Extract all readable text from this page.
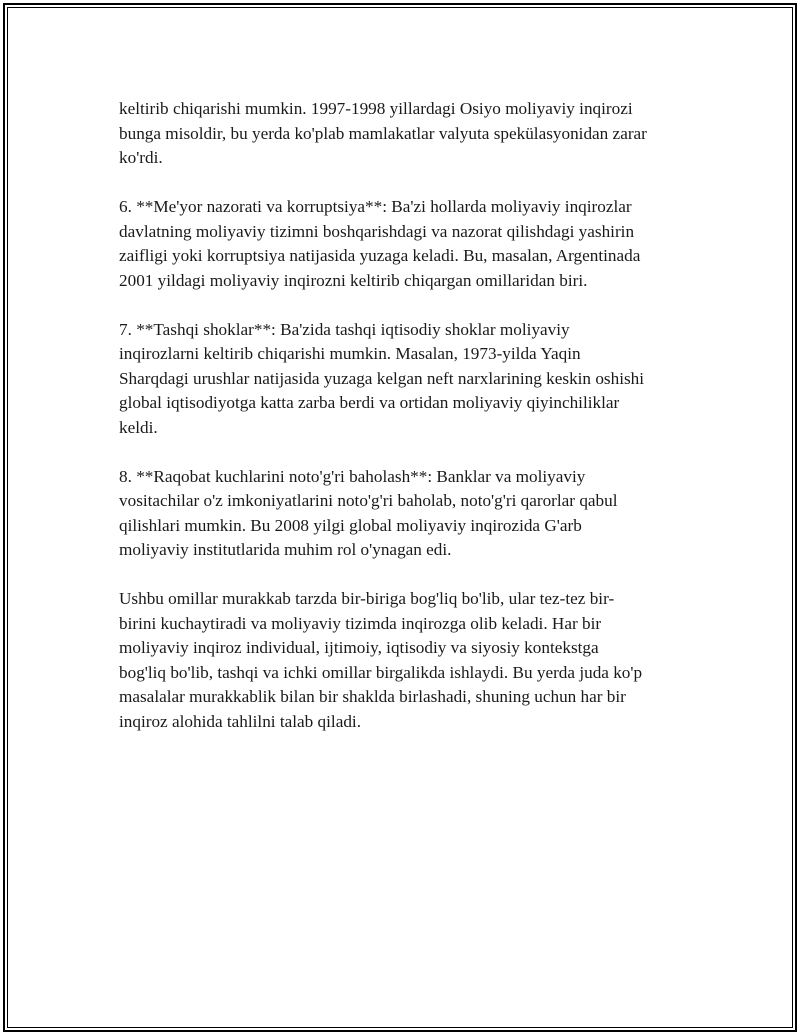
keltirib chiqarishi mumkin. 1997-1998 yillardagi Osiyo moliyaviy inqirozi
bunga misoldir, bu yerda ko'plab mamlakatlar valyuta spekülasyonidan zarar
ko'rdi.

6. **Me'yor nazorati va korruptsiya**: Ba'zi hollarda moliyaviy inqirozlar
davlatning moliyaviy tizimni boshqarishdagi va nazorat qilishdagi yashirin
zaifligi yoki korruptsiya natijasida yuzaga keladi. Bu, masalan, Argentinada
2001 yildagi moliyaviy inqirozni keltirib chiqargan omillaridan biri.

7. **Tashqi shoklar**: Ba'zida tashqi iqtisodiy shoklar moliyaviy
inqirozlarni keltirib chiqarishi mumkin. Masalan, 1973-yilda Yaqin
Sharqdagi urushlar natijasida yuzaga kelgan neft narxlarining keskin oshishi
global iqtisodiyotga katta zarba berdi va ortidan moliyaviy qiyinchiliklar
keldi.

8. **Raqobat kuchlarini noto'g'ri baholash**: Banklar va moliyaviy
vositachilar o'z imkoniyatlarini noto'g'ri baholab, noto'g'ri qarorlar qabul
qilishlari mumkin. Bu 2008 yilgi global moliyaviy inqirozida G'arb
moliyaviy institutlarida muhim rol o'ynagan edi.

Ushbu omillar murakkab tarzda bir-biriga bog'liq bo'lib, ular tez-tez bir-
birini kuchaytiradi va moliyaviy tizimda inqirozga olib keladi. Har bir
moliyaviy inqiroz individual, ijtimoiy, iqtisodiy va siyosiy kontekstga
bog'liq bo'lib, tashqi va ichki omillar birgalikda ishlaydi. Bu yerda juda ko'p
masalalar murakkablik bilan bir shaklda birlashadi, shuning uchun har bir
inqiroz alohida tahlilni talab qiladi.
